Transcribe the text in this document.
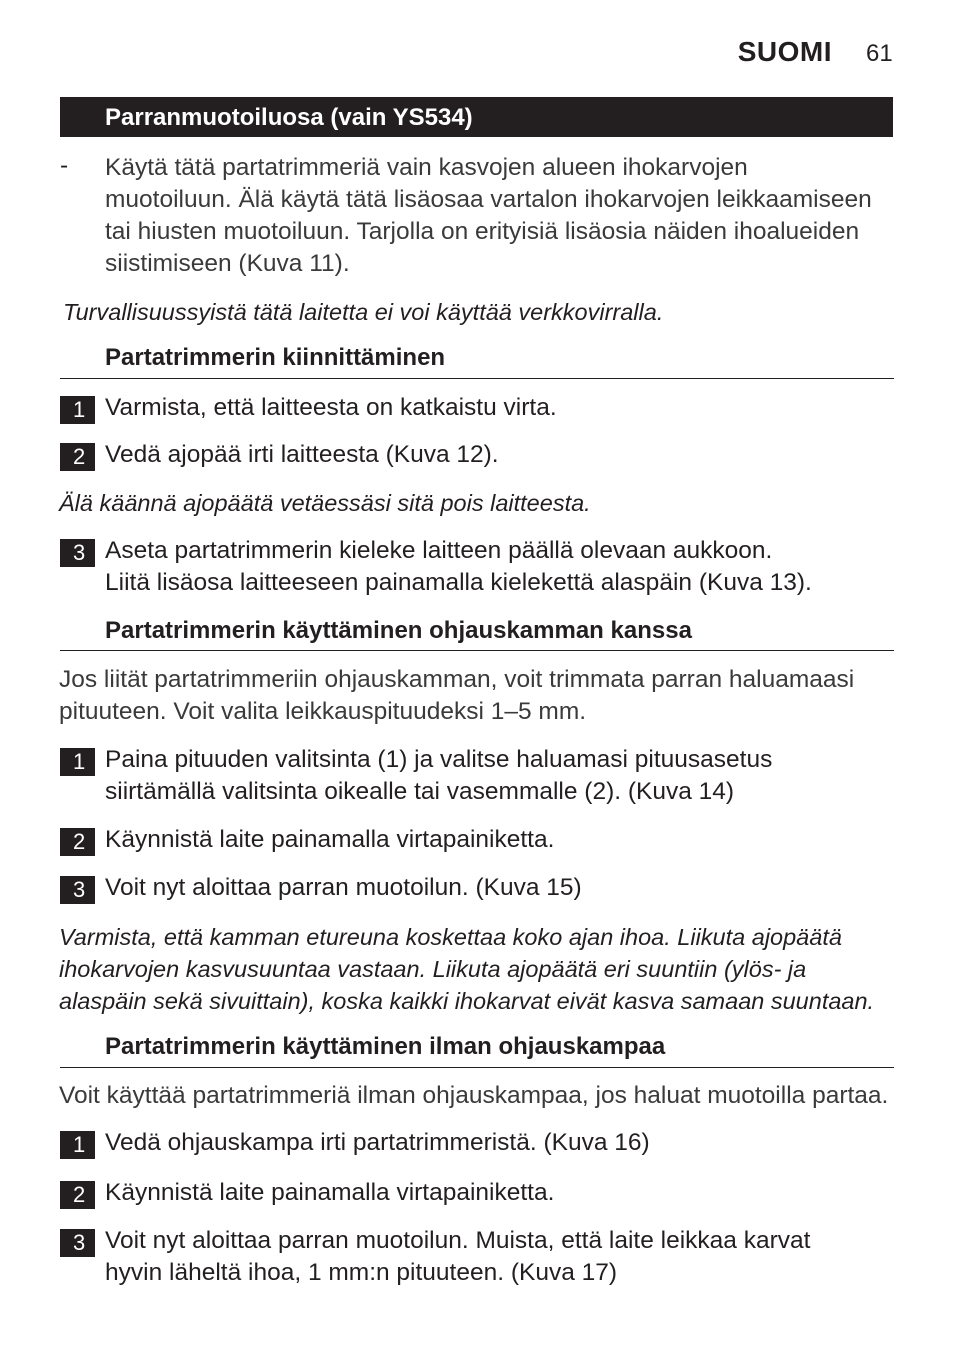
SUOMI 61
Parranmuotoiluosa (vain YS534)
- Käytä tätä partatrimmeriä vain kasvojen alueen ihokarvojen
muotoiluun. Älä käytä tätä lisäosaa vartalon ihokarvojen leikkaamiseen
tai hiusten muotoiluun. Tarjolla on erityisiä lisäosia näiden ihoalueiden
siistimiseen (Kuva 11).
Turvallisuussyistä tätä laitetta ei voi käyttää verkkovirralla.
Partatrimmerin kiinnittäminen
1 Varmista, että laitteesta on katkaistu virta.
2 Vedä ajopää irti laitteesta (Kuva 12).
Älä käännä ajopäätä vetäessäsi sitä pois laitteesta.
3 Aseta partatrimmerin kieleke laitteen päällä olevaan aukkoon.
Liitä lisäosa laitteeseen painamalla kielekettä alaspäin (Kuva 13).
Partatrimmerin käyttäminen ohjauskamman kanssa
Jos liität partatrimmeriin ohjauskamman, voit trimmata parran haluamaasi
pituuteen. Voit valita leikkauspituudeksi 1–5 mm.
1 Paina pituuden valitsinta (1) ja valitse haluamasi pituusasetus
siirtämällä valitsinta oikealle tai vasemmalle (2). (Kuva 14)
2 Käynnistä laite painamalla virtapainiketta.
3 Voit nyt aloittaa parran muotoilun. (Kuva 15)
Varmista, että kamman etureuna koskettaa koko ajan ihoa. Liikuta ajopäätä
ihokarvojen kasvusuuntaa vastaan. Liikuta ajopäätä eri suuntiin (ylös- ja
alaspäin sekä sivuittain), koska kaikki ihokarvat eivät kasva samaan suuntaan.
Partatrimmerin käyttäminen ilman ohjauskampaa
Voit käyttää partatrimmeriä ilman ohjauskampaa, jos haluat muotoilla partaa.
1 Vedä ohjauskampa irti partatrimmeristä. (Kuva 16)
2 Käynnistä laite painamalla virtapainiketta.
3 Voit nyt aloittaa parran muotoilun. Muista, että laite leikkaa karvat
hyvin läheltä ihoa, 1 mm:n pituuteen. (Kuva 17)
